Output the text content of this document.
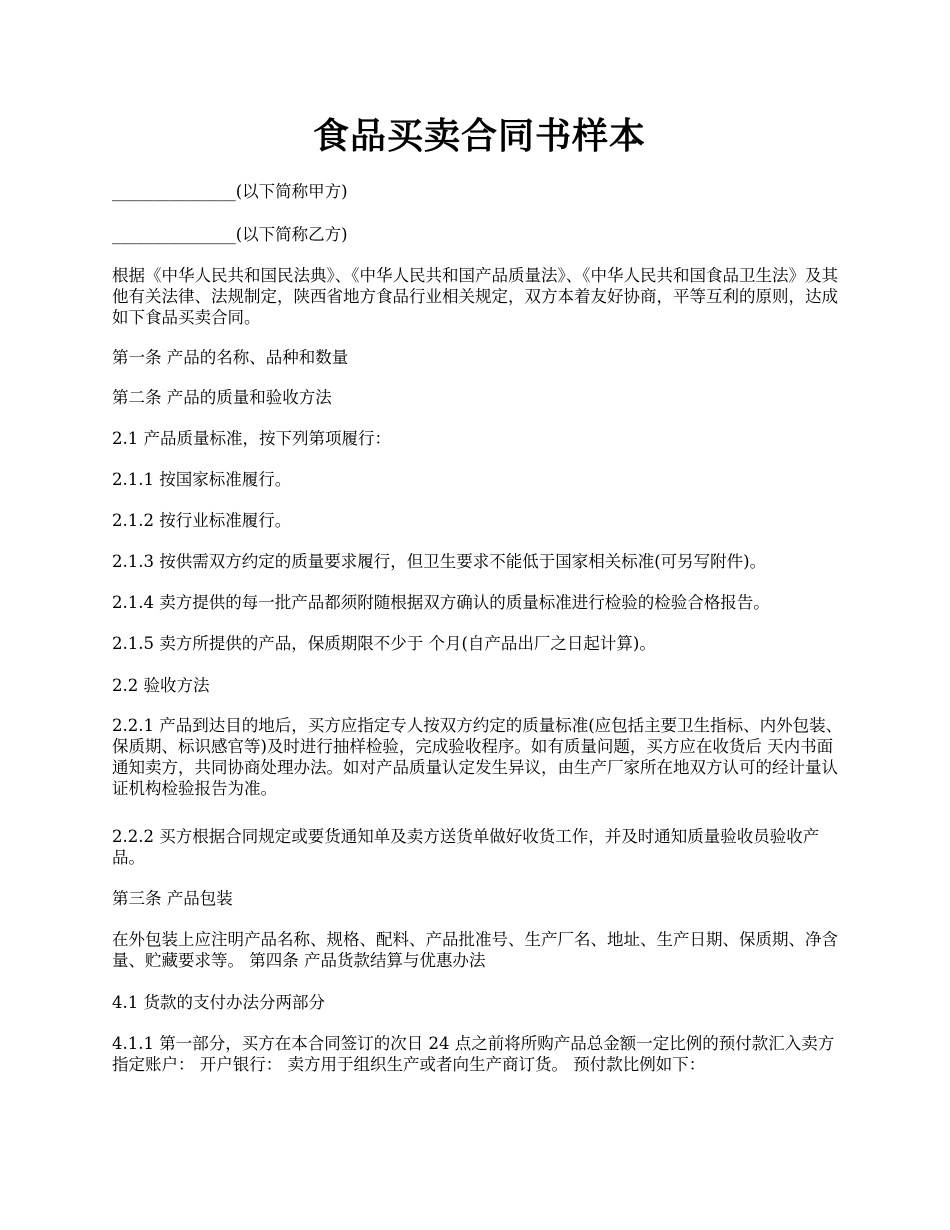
食品买卖合同书样本

_______________(以下简称甲方)

_______________(以下简称乙方)

根据《中华人民共和国民法典》、《中华人民共和国产品质量法》、《中华人民共和国食品卫生法》及其他有关法律、法规制定，陕西省地方食品行业相关规定，双方本着友好协商，平等互利的原则，达成如下食品买卖合同。

第一条 产品的名称、品种和数量

第二条 产品的质量和验收方法

2.1 产品质量标准，按下列第项履行：

2.1.1 按国家标准履行。

2.1.2 按行业标准履行。

2.1.3 按供需双方约定的质量要求履行，但卫生要求不能低于国家相关标准(可另写附件)。

2.1.4 卖方提供的每一批产品都须附随根据双方确认的质量标准进行检验的检验合格报告。

2.1.5 卖方所提供的产品，保质期限不少于 个月(自产品出厂之日起计算)。

2.2 验收方法

2.2.1 产品到达目的地后，买方应指定专人按双方约定的质量标准(应包括主要卫生指标、内外包装、保质期、标识感官等)及时进行抽样检验，完成验收程序。如有质量问题，买方应在收货后 天内书面通知卖方，共同协商处理办法。如对产品质量认定发生异议，由生产厂家所在地双方认可的经计量认证机构检验报告为准。

2.2.2 买方根据合同规定或要货通知单及卖方送货单做好收货工作，并及时通知质量验收员验收产品。

第三条 产品包装

在外包装上应注明产品名称、规格、配料、产品批准号、生产厂名、地址、生产日期、保质期、净含量、贮藏要求等。 第四条 产品货款结算与优惠办法

4.1 货款的支付办法分两部分

4.1.1 第一部分，买方在本合同签订的次日 24 点之前将所购产品总金额一定比例的预付款汇入卖方指定账户： 开户银行： 卖方用于组织生产或者向生产商订货。 预付款比例如下：
